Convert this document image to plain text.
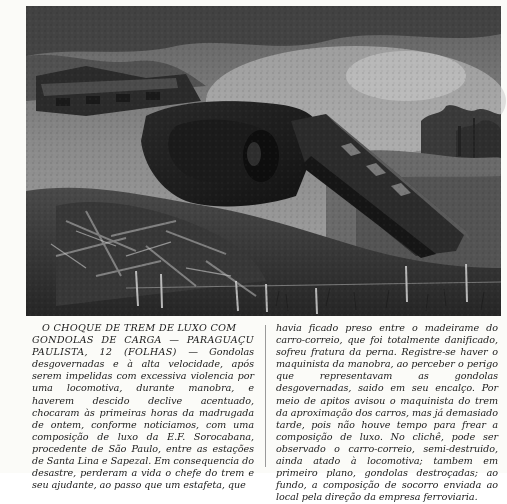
O CHOQUE DE TREM DE LUXO COM
GONDOLAS DE CARGA — PARAGUAÇU PAULISTA, 12 (FOLHAS) — Gondolas desgovernadas e à alta velocidade, após serem impelidas com excessiva violencia por uma locomotiva, durante manobra, e haverem descido declive acentuado, chocaram às primeiras horas da madrugada de ontem, conforme noticiamos, com uma composição de luxo da E.F. Sorocabana, procedente de São Paulo, entre as estações de Santa Lina e Sapezal. Em consequencia do desastre, perderam a vida o chefe do trem e seu ajudante, ao passo que um estafeta, que
havia ficado preso entre o madeirame do carro-correio, que foi totalmente danificado, sofreu fratura da perna. Registre-se haver o maquinista da manobra, ao perceber o perigo que representavam as gondolas desgovernadas, saido em seu encalço. Por meio de apitos avisou o maquinista do trem da aproximação dos carros, mas já demasiado tarde, pois não houve tempo para frear a composição de luxo. No clichê, pode ser observado o carro-correio, semi-destruido, ainda atado à locomotiva; tambem em primeiro plano, gondolas destroçadas; ao fundo, a composição de socorro enviada ao local pela direção da empresa ferroviaria.
